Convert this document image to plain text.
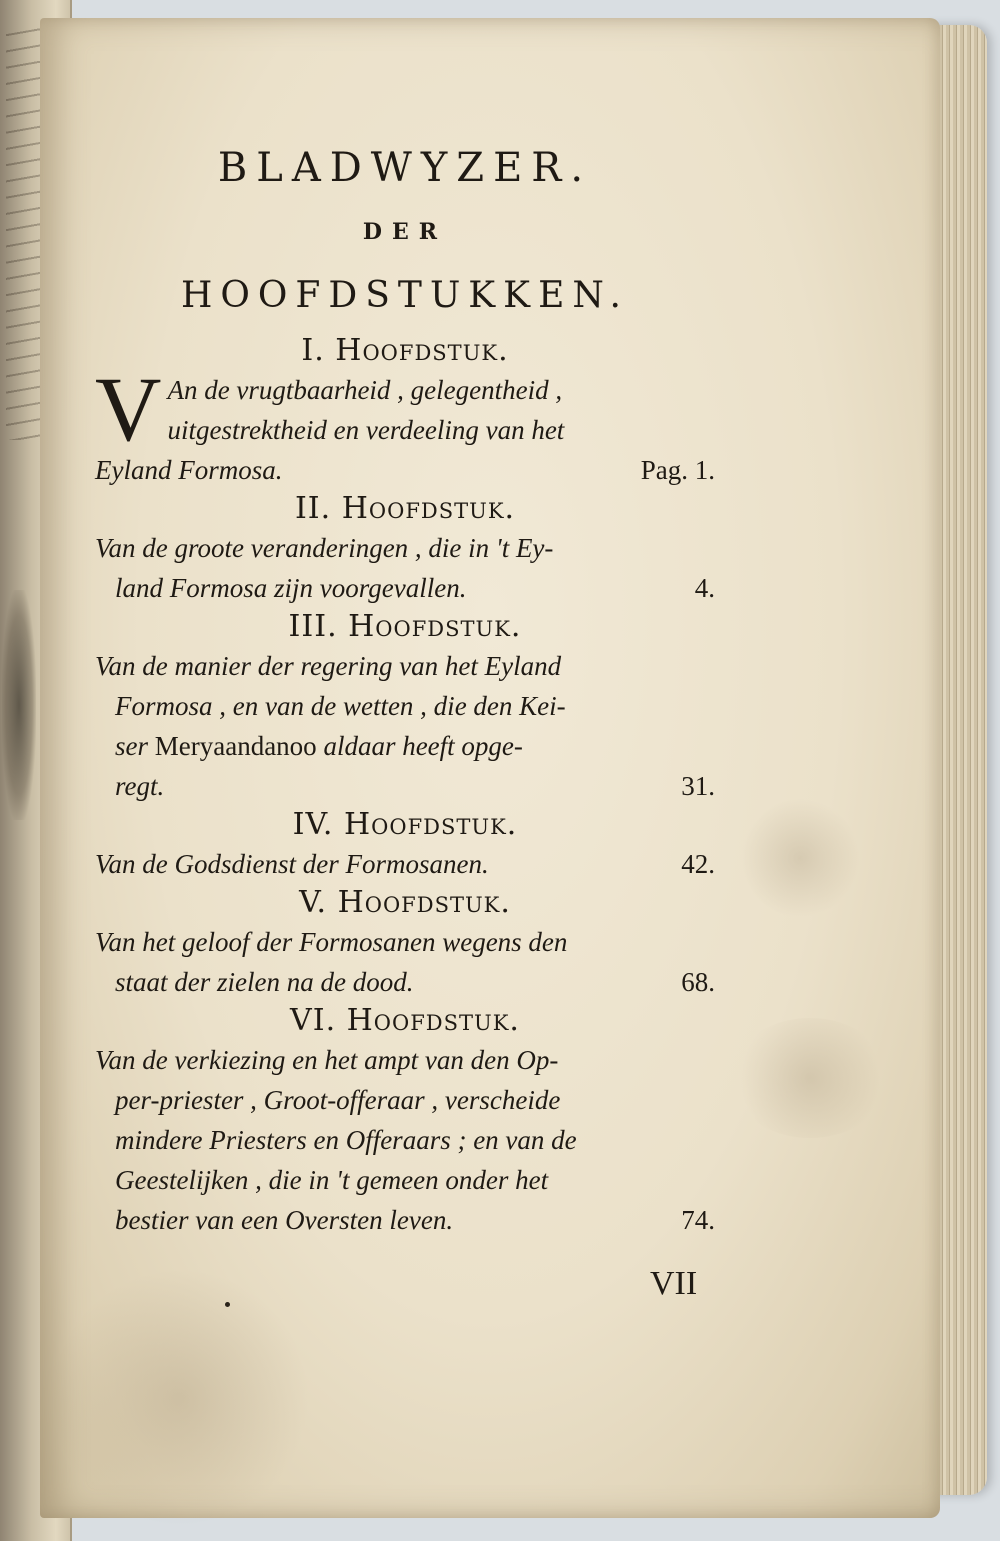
BLADWYZER.
DER
HOOFDSTUKKEN.
I. Hoofdstuk.
V An de vrugtbaarheid , gelegentheid ,
uitgestrektheid en verdeeling van het
Eyland Formosa.	Pag. 1.
II. Hoofdstuk.
Van de groote veranderingen , die in 't Ey-
land Formosa zijn voorgevallen.	4.
III. Hoofdstuk.
Van de manier der regering van het Eyland
Formosa , en van de wetten , die den Kei-
ser Meryaandanoo aldaar heeft opge-
regt.	31.
IV. Hoofdstuk.
Van de Godsdienst der Formosanen.	42.
V. Hoofdstuk.
Van het geloof der Formosanen wegens den
staat der zielen na de dood.	68.
VI. Hoofdstuk.
Van de verkiezing en het ampt van den Op-
per-priester , Groot-offeraar , verscheide
mindere Priesters en Offeraars ; en van de
Geestelijken , die in 't gemeen onder het
bestier van een Oversten leven.	74.
VII
